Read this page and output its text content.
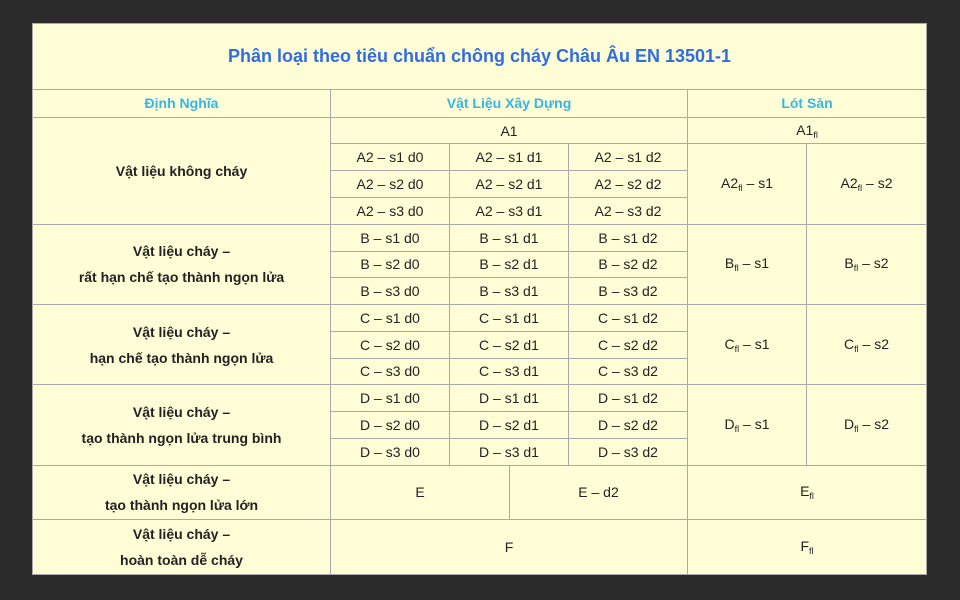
Phân loại theo tiêu chuẩn chông cháy Châu Âu EN 13501-1						
Định Nghĩa	Vật Liệu Xây Dựng				Lót Sàn	

Vật liệu không cháy	A1				$A1_{fl}$
	A2 – s1 d0	A2 – s1 d1		A2 – s1 d2	$A2_{fl} - s1$	$A2_{fl} - s2$
	A2 – s2 d0	A2 – s2 d1		A2 – s2 d2		
	A2 – s3 d0	A2 – s3 d1		A2 – s3 d2		

Vật liệu cháy –
rất hạn chế tạo thành ngọn lửa	B – s1 d0	B – s1 d1		B – s1 d2	$B_{fl} - s1$	$B_{fl} - s2$
	B – s2 d0	B – s2 d1		B – s2 d2		
	B – s3 d0	B – s3 d1		B – s3 d2		

Vật liệu cháy –
hạn chế tạo thành ngọn lửa	C – s1 d0	C – s1 d1		C – s1 d2	$C_{fl} - s1$	$C_{fl} - s2$
	C – s2 d0	C – s2 d1		C – s2 d2		
	C – s3 d0	C – s3 d1		C – s3 d2		

Vật liệu cháy –
tạo thành ngọn lửa trung bình	D – s1 d0	D – s1 d1		D – s1 d2	$D_{fl} - s1$	$D_{fl} - s2$
	D – s2 d0	D – s2 d1		D – s2 d2		
	D – s3 d0	D – s3 d1		D – s3 d2		

Vật liệu cháy –
tạo thành ngọn lửa lớn	E		E – d2		$E_{fl}$

Vật liệu cháy –
hoàn toàn dễ cháy	F				$F_{fl}$
